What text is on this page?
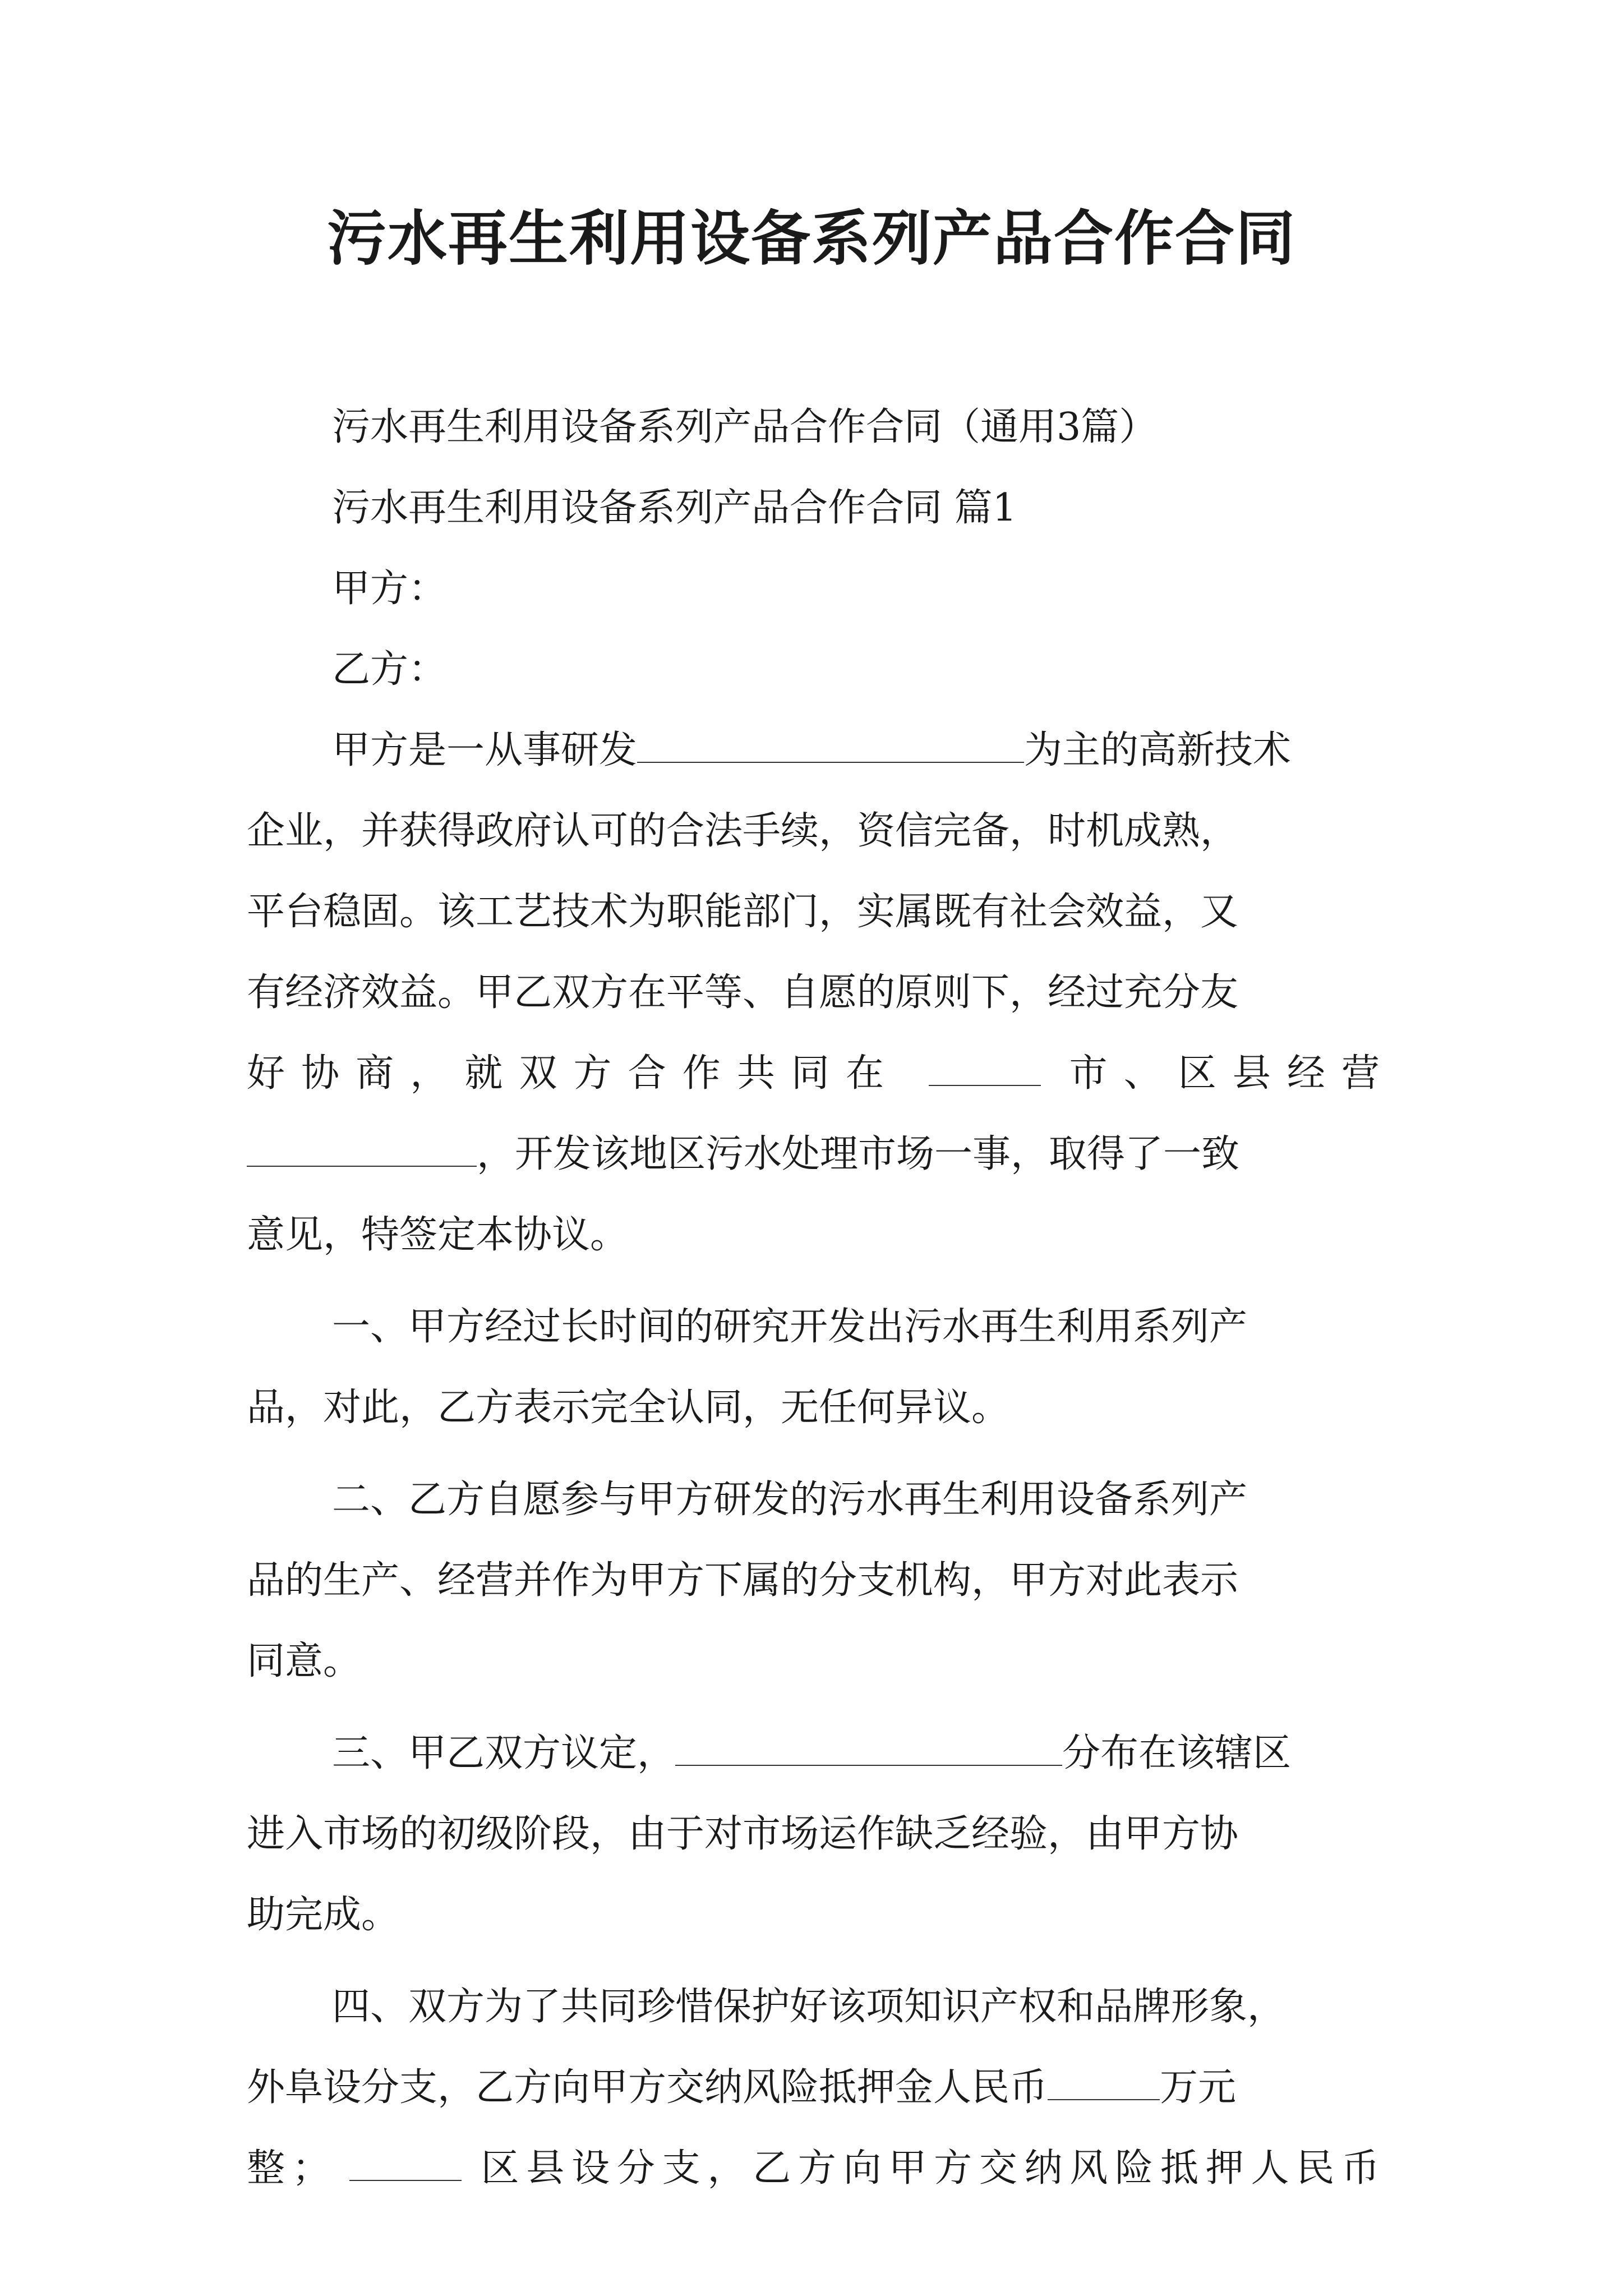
污水再生利用设备系列产品合作合同
污水再生利用设备系列产品合作合同（通用3篇）
污水再生利用设备系列产品合作合同 篇1
甲方：
乙方：
甲方是一从事研发	为主的高新技术
企业，并获得政府认可的合法手续，资信完备，时机成熟，
平台稳固。该工艺技术为职能部门，实属既有社会效益，又
有经济效益。甲乙双方在平等、自愿的原则下，经过充分友
好协商，就双方合作共同在	市、区县经营
，开发该地区污水处理市场一事，取得了一致
意见，特签定本协议。
一、甲方经过长时间的研究开发出污水再生利用系列产
品，对此，乙方表示完全认同，无任何异议。
二、乙方自愿参与甲方研发的污水再生利用设备系列产
品的生产、经营并作为甲方下属的分支机构，甲方对此表示
同意。
三、甲乙双方议定，	分布在该辖区
进入市场的初级阶段，由于对市场运作缺乏经验，由甲方协
助完成。
四、双方为了共同珍惜保护好该项知识产权和品牌形象，
外阜设分支，乙方向甲方交纳风险抵押金人民币	万元
整；	区县设分支，乙方向甲方交纳风险抵押人民币
